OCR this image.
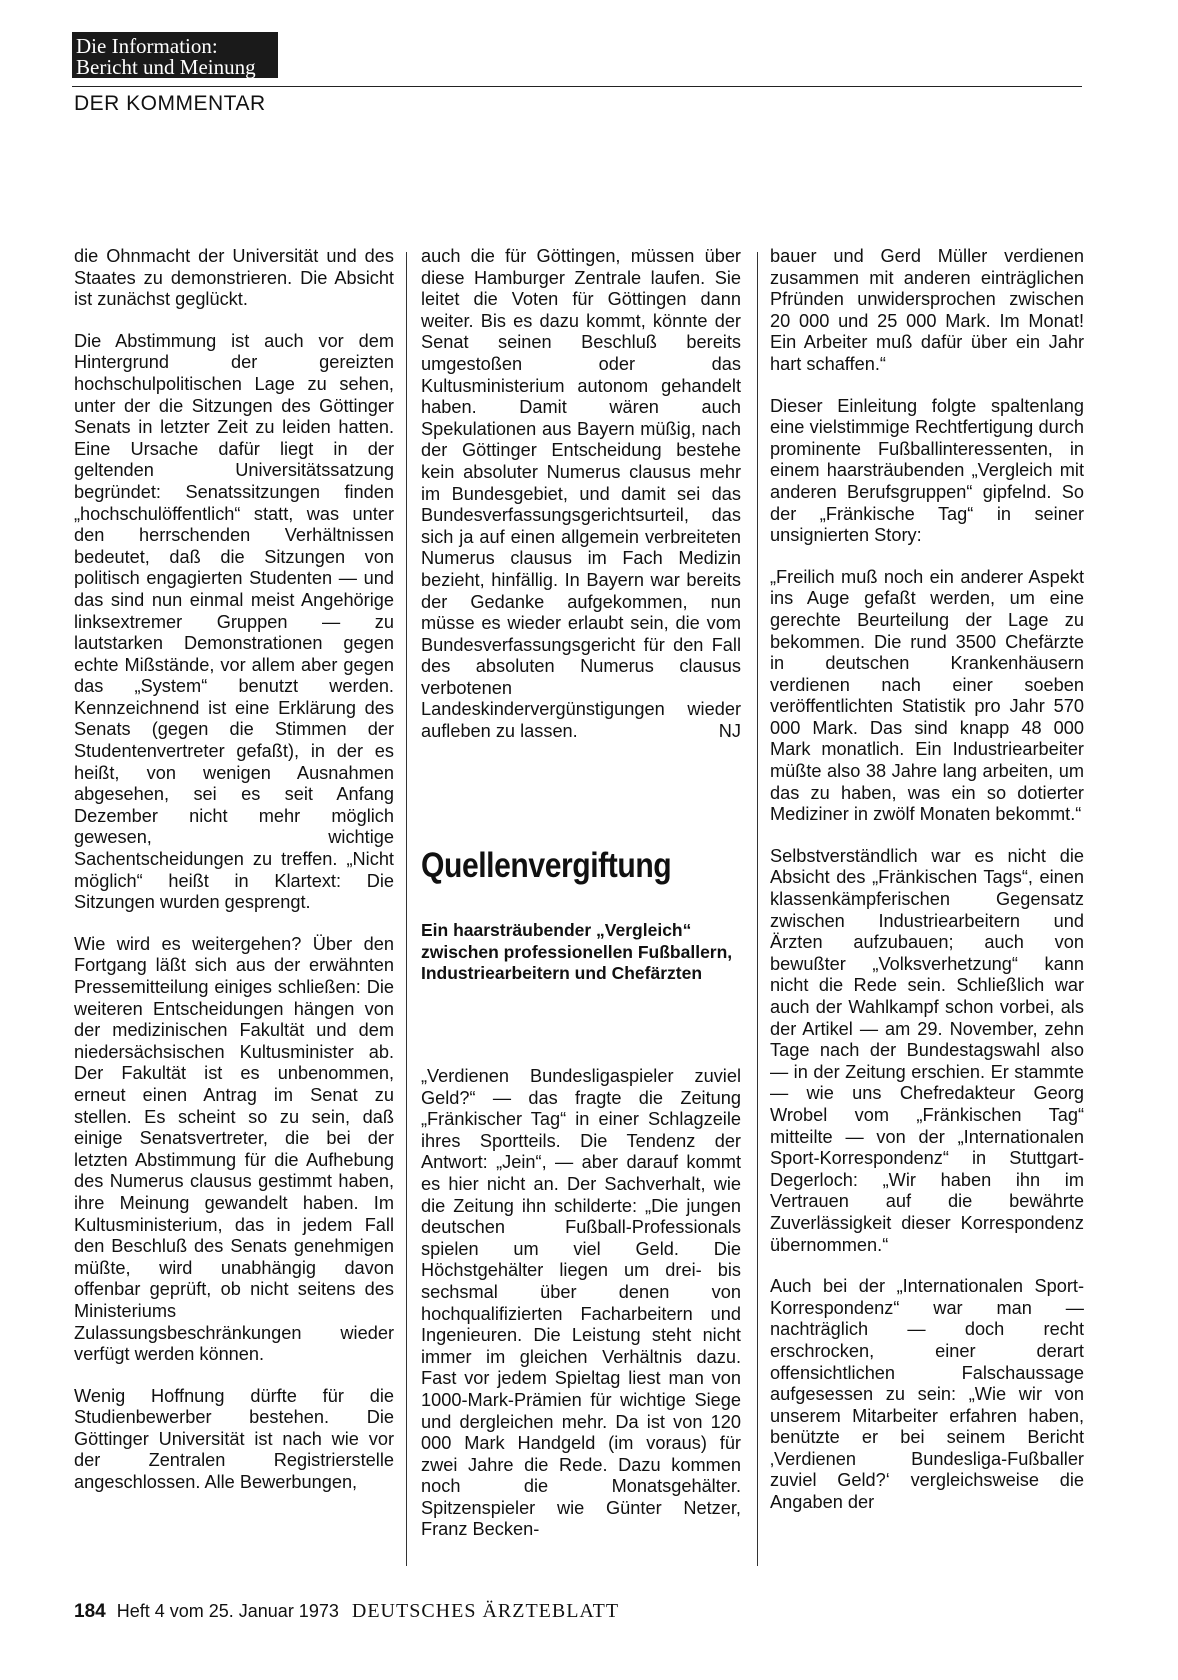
Die Information:
Bericht und Meinung
DER KOMMENTAR

die Ohnmacht der Universität und des Staates zu demonstrieren. Die Absicht ist zunächst geglückt.

Die Abstimmung ist auch vor dem Hintergrund der gereizten hochschulpolitischen Lage zu sehen, unter der die Sitzungen des Göttinger Senats in letzter Zeit zu leiden hatten. Eine Ursache dafür liegt in der geltenden Universitätssatzung begründet: Senatssitzungen finden „hochschulöffentlich“ statt, was unter den herrschenden Verhältnissen bedeutet, daß die Sitzungen von politisch engagierten Studenten — und das sind nun einmal meist Angehörige linksextremer Gruppen — zu lautstarken Demonstrationen gegen echte Mißstände, vor allem aber gegen das „System“ benutzt werden. Kennzeichnend ist eine Erklärung des Senats (gegen die Stimmen der Studentenvertreter gefaßt), in der es heißt, von wenigen Ausnahmen abgesehen, sei es seit Anfang Dezember nicht mehr möglich gewesen, wichtige Sachentscheidungen zu treffen. „Nicht möglich“ heißt in Klartext: Die Sitzungen wurden gesprengt.

Wie wird es weitergehen? Über den Fortgang läßt sich aus der erwähnten Pressemitteilung einiges schließen: Die weiteren Entscheidungen hängen von der medizinischen Fakultät und dem niedersächsischen Kultusminister ab. Der Fakultät ist es unbenommen, erneut einen Antrag im Senat zu stellen. Es scheint so zu sein, daß einige Senatsvertreter, die bei der letzten Abstimmung für die Aufhebung des Numerus clausus gestimmt haben, ihre Meinung gewandelt haben. Im Kultusministerium, das in jedem Fall den Beschluß des Senats genehmigen müßte, wird unabhängig davon offenbar geprüft, ob nicht seitens des Ministeriums Zulassungsbeschränkungen wieder verfügt werden können.

Wenig Hoffnung dürfte für die Studienbewerber bestehen. Die Göttinger Universität ist nach wie vor der Zentralen Registrierstelle angeschlossen. Alle Bewerbungen,

auch die für Göttingen, müssen über diese Hamburger Zentrale laufen. Sie leitet die Voten für Göttingen dann weiter. Bis es dazu kommt, könnte der Senat seinen Beschluß bereits umgestoßen oder das Kultusministerium autonom gehandelt haben. Damit wären auch Spekulationen aus Bayern müßig, nach der Göttinger Entscheidung bestehe kein absoluter Numerus clausus mehr im Bundesgebiet, und damit sei das Bundesverfassungsgerichtsurteil, das sich ja auf einen allgemein verbreiteten Numerus clausus im Fach Medizin bezieht, hinfällig. In Bayern war bereits der Gedanke aufgekommen, nun müsse es wieder erlaubt sein, die vom Bundesverfassungsgericht für den Fall des absoluten Numerus clausus verbotenen Landeskindervergünstigungen wieder aufleben zu lassen.	NJ

Quellenvergiftung
Ein haarsträubender „Vergleich“ zwischen professionellen Fußballern, Industriearbeitern und Chefärzten

„Verdienen Bundesligaspieler zuviel Geld?“ — das fragte die Zeitung „Fränkischer Tag“ in einer Schlagzeile ihres Sportteils. Die Tendenz der Antwort: „Jein“, — aber darauf kommt es hier nicht an. Der Sachverhalt, wie die Zeitung ihn schilderte: „Die jungen deutschen Fußball-Professionals spielen um viel Geld. Die Höchstgehälter liegen um drei- bis sechsmal über denen von hochqualifizierten Facharbeitern und Ingenieuren. Die Leistung steht nicht immer im gleichen Verhältnis dazu. Fast vor jedem Spieltag liest man von 1000-Mark-Prämien für wichtige Siege und dergleichen mehr. Da ist von 120 000 Mark Handgeld (im voraus) für zwei Jahre die Rede. Dazu kommen noch die Monatsgehälter. Spitzenspieler wie Günter Netzer, Franz Becken-

bauer und Gerd Müller verdienen zusammen mit anderen einträglichen Pfründen unwidersprochen zwischen 20 000 und 25 000 Mark. Im Monat! Ein Arbeiter muß dafür über ein Jahr hart schaffen.“

Dieser Einleitung folgte spaltenlang eine vielstimmige Rechtfertigung durch prominente Fußballinteressenten, in einem haarsträubenden „Vergleich mit anderen Berufsgruppen“ gipfelnd. So der „Fränkische Tag“ in seiner unsignierten Story:

„Freilich muß noch ein anderer Aspekt ins Auge gefaßt werden, um eine gerechte Beurteilung der Lage zu bekommen. Die rund 3500 Chefärzte in deutschen Krankenhäusern verdienen nach einer soeben veröffentlichten Statistik pro Jahr 570 000 Mark. Das sind knapp 48 000 Mark monatlich. Ein Industriearbeiter müßte also 38 Jahre lang arbeiten, um das zu haben, was ein so dotierter Mediziner in zwölf Monaten bekommt.“

Selbstverständlich war es nicht die Absicht des „Fränkischen Tags“, einen klassenkämpferischen Gegensatz zwischen Industriearbeitern und Ärzten aufzubauen; auch von bewußter „Volksverhetzung“ kann nicht die Rede sein. Schließlich war auch der Wahlkampf schon vorbei, als der Artikel — am 29. November, zehn Tage nach der Bundestagswahl also — in der Zeitung erschien. Er stammte — wie uns Chefredakteur Georg Wrobel vom „Fränkischen Tag“ mitteilte — von der „Internationalen Sport-Korrespondenz“ in Stuttgart-Degerloch: „Wir haben ihn im Vertrauen auf die bewährte Zuverlässigkeit dieser Korrespondenz übernommen.“

Auch bei der „Internationalen Sport-Korrespondenz“ war man — nachträglich — doch recht erschrocken, einer derart offensichtlichen Falschaussage aufgesessen zu sein: „Wie wir von unserem Mitarbeiter erfahren haben, benützte er bei seinem Bericht ‚Verdienen Bundesliga-Fußballer zuviel Geld?‘ vergleichsweise die Angaben der

184 Heft 4 vom 25. Januar 1973 DEUTSCHES ÄRZTEBLATT
